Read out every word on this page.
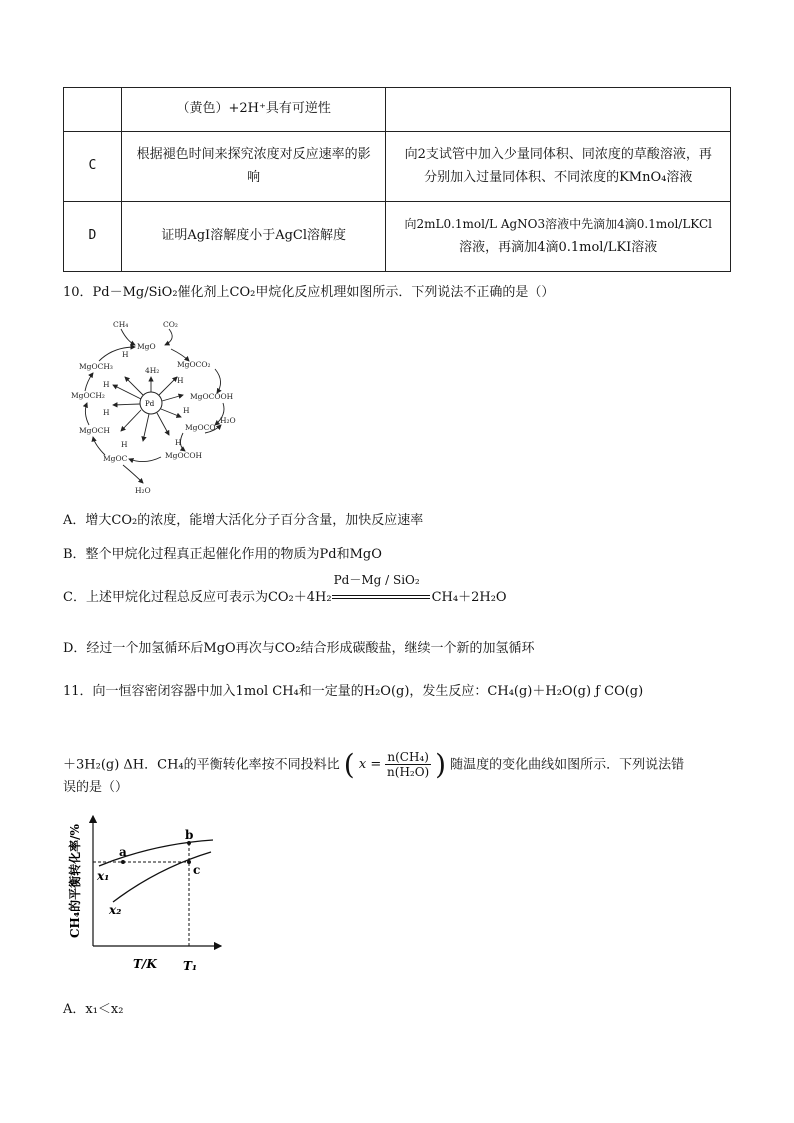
	（黄色）+2H⁺具有可逆性	
C	根据褪色时间来探究浓度对反应速率的影
响	向2支试管中加入少量同体积、同浓度的草酸溶液，再
分别加入过量同体积、不同浓度的KMnO₄溶液
D	证明AgI溶解度小于AgCl溶解度	向2mL0.1mol/L AgNO3溶液中先滴加4滴0.1mol/LKCl
溶液，再滴加4滴0.1mol/LKI溶液
10．Pd－Mg/SiO₂催化剂上CO₂甲烷化反应机理如图所示．下列说法不正确的是（）
CH₄	CO₂
MgO
MgOCO₂
MgOCOOH
MgOCO
H₂O
MgOCOH
MgOC
MgOCH
MgOCH₂
MgOCH₃
H₂O
4H₂
H
H
H
H
H
H
H
Pd
A．增大CO₂的浓度，能增大活化分子百分含量，加快反应速率
B．整个甲烷化过程真正起催化作用的物质为Pd和MgO
C．上述甲烷化过程总反应可表示为CO₂＋4H₂
Pd－Mg / SiO₂
CH₄＋2H₂O
D．经过一个加氢循环后MgO再次与CO₂结合形成碳酸盐，继续一个新的加氢循环
11．向一恒容密闭容器中加入1mol CH₄和一定量的H₂O(g)，发生反应：CH₄(g)＋H₂O(g) ƒ CO(g)
＋3H₂(g) ΔH．CH₄的平衡转化率按不同投料比 ( $x = \frac{\text{n(CH₄)}}{\text{n(H₂O)}}$ ) 随温度的变化曲线如图所示．下列说法错
误的是（）
CH₄的平衡转化率/%	a
b
c
x₁
x₂
T/K T₁
A．x₁＜x₂
